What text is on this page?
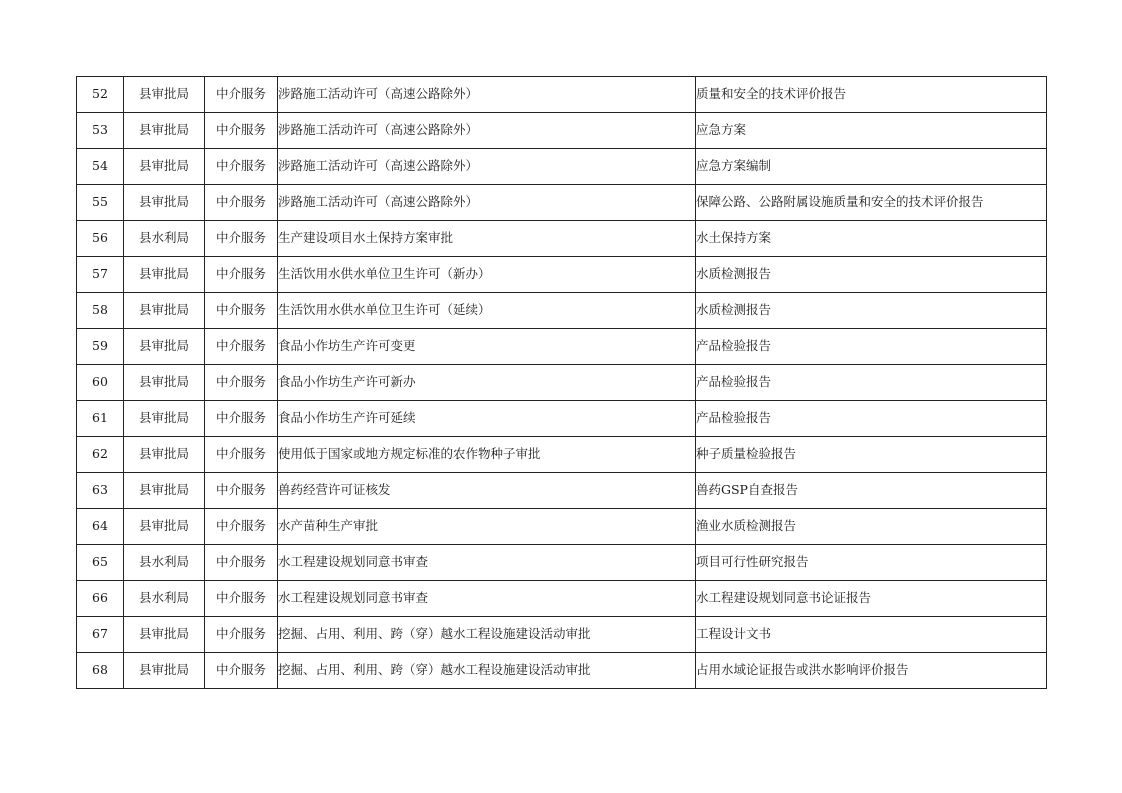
52	县审批局	中介服务	涉路施工活动许可（高速公路除外）	质量和安全的技术评价报告
53	县审批局	中介服务	涉路施工活动许可（高速公路除外）	应急方案
54	县审批局	中介服务	涉路施工活动许可（高速公路除外）	应急方案编制
55	县审批局	中介服务	涉路施工活动许可（高速公路除外）	保障公路、公路附属设施质量和安全的技术评价报告
56	县水利局	中介服务	生产建设项目水土保持方案审批	水土保持方案
57	县审批局	中介服务	生活饮用水供水单位卫生许可（新办）	水质检测报告
58	县审批局	中介服务	生活饮用水供水单位卫生许可（延续）	水质检测报告
59	县审批局	中介服务	食品小作坊生产许可变更	产品检验报告
60	县审批局	中介服务	食品小作坊生产许可新办	产品检验报告
61	县审批局	中介服务	食品小作坊生产许可延续	产品检验报告
62	县审批局	中介服务	使用低于国家或地方规定标准的农作物种子审批	种子质量检验报告
63	县审批局	中介服务	兽药经营许可证核发	兽药GSP自查报告
64	县审批局	中介服务	水产苗种生产审批	渔业水质检测报告
65	县水利局	中介服务	水工程建设规划同意书审查	项目可行性研究报告
66	县水利局	中介服务	水工程建设规划同意书审查	水工程建设规划同意书论证报告
67	县审批局	中介服务	挖掘、占用、利用、跨（穿）越水工程设施建设活动审批	工程设计文书
68	县审批局	中介服务	挖掘、占用、利用、跨（穿）越水工程设施建设活动审批	占用水域论证报告或洪水影响评价报告
